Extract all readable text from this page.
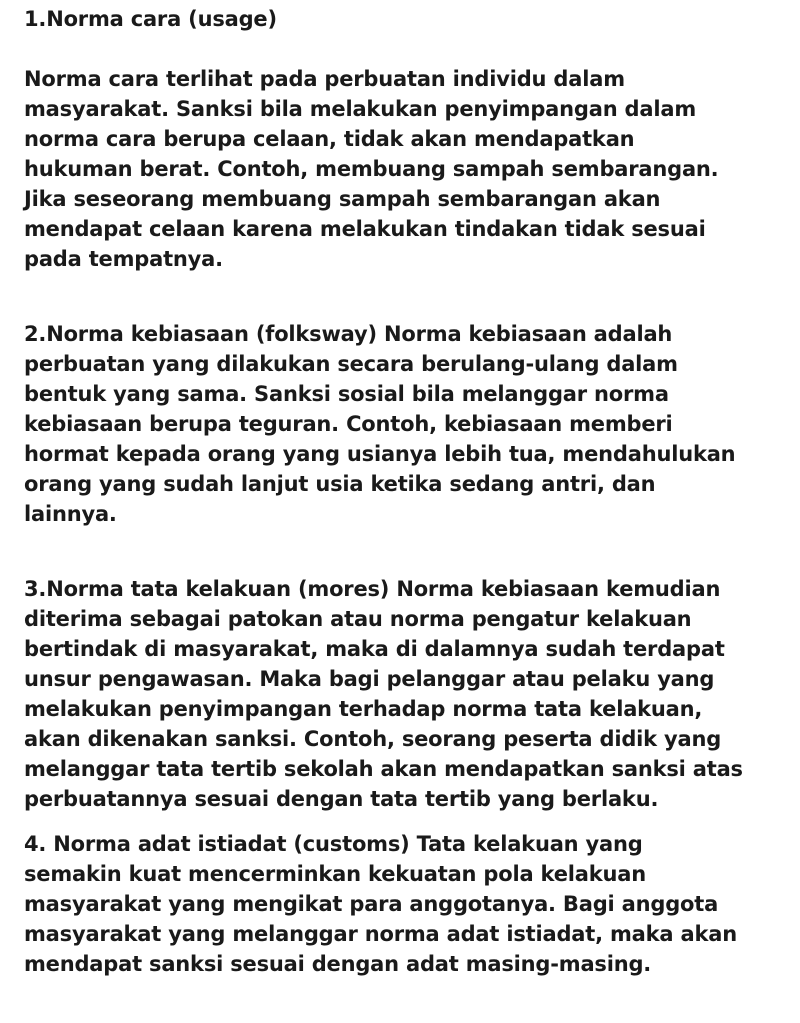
1.Norma cara (usage)
Norma cara terlihat pada perbuatan individu dalam
masyarakat. Sanksi bila melakukan penyimpangan dalam
norma cara berupa celaan, tidak akan mendapatkan
hukuman berat. Contoh, membuang sampah sembarangan.
Jika seseorang membuang sampah sembarangan akan
mendapat celaan karena melakukan tindakan tidak sesuai
pada tempatnya.
2.Norma kebiasaan (folksway) Norma kebiasaan adalah
perbuatan yang dilakukan secara berulang-ulang dalam
bentuk yang sama. Sanksi sosial bila melanggar norma
kebiasaan berupa teguran. Contoh, kebiasaan memberi
hormat kepada orang yang usianya lebih tua, mendahulukan
orang yang sudah lanjut usia ketika sedang antri, dan
lainnya.
3.Norma tata kelakuan (mores) Norma kebiasaan kemudian
diterima sebagai patokan atau norma pengatur kelakuan
bertindak di masyarakat, maka di dalamnya sudah terdapat
unsur pengawasan. Maka bagi pelanggar atau pelaku yang
melakukan penyimpangan terhadap norma tata kelakuan,
akan dikenakan sanksi. Contoh, seorang peserta didik yang
melanggar tata tertib sekolah akan mendapatkan sanksi atas
perbuatannya sesuai dengan tata tertib yang berlaku.
4. Norma adat istiadat (customs) Tata kelakuan yang
semakin kuat mencerminkan kekuatan pola kelakuan
masyarakat yang mengikat para anggotanya. Bagi anggota
masyarakat yang melanggar norma adat istiadat, maka akan
mendapat sanksi sesuai dengan adat masing-masing.
